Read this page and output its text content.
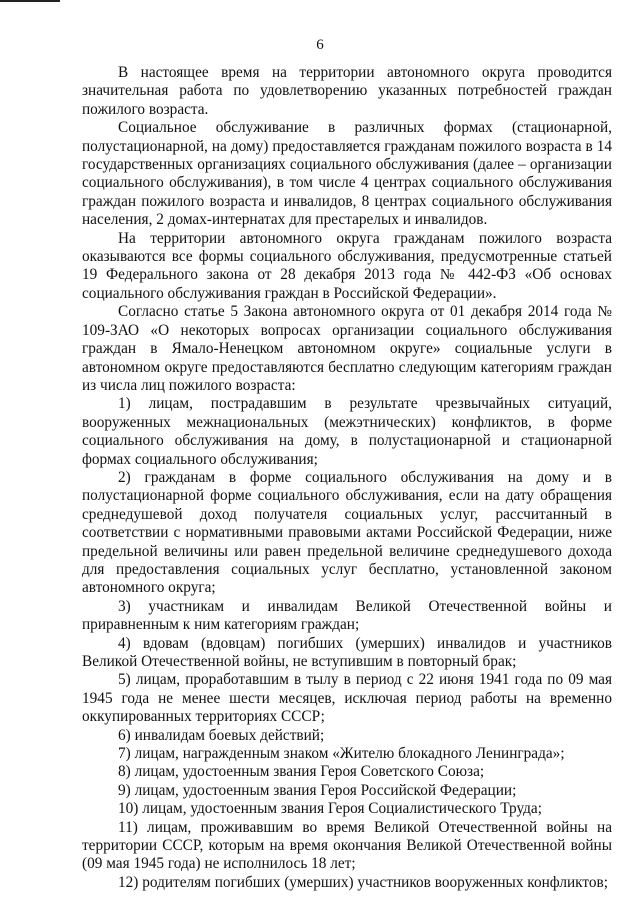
6

В настоящее время на территории автономного округа проводится значительная работа по удовлетворению указанных потребностей граждан пожилого возраста.

Социальное обслуживание в различных формах (стационарной, полустационарной, на дому) предоставляется гражданам пожилого возраста в 14 государственных организациях социального обслуживания (далее – организации социального обслуживания), в том числе 4 центрах социального обслуживания граждан пожилого возраста и инвалидов, 8 центрах социального обслуживания населения, 2 домах-интернатах для престарелых и инвалидов.

На территории автономного округа гражданам пожилого возраста оказываются все формы социального обслуживания, предусмотренные статьей 19 Федерального закона от 28 декабря 2013 года № 442-ФЗ «Об основах социального обслуживания граждан в Российской Федерации».

Согласно статье 5 Закона автономного округа от 01 декабря 2014 года № 109-ЗАО «О некоторых вопросах организации социального обслуживания граждан в Ямало-Ненецком автономном округе» социальные услуги в автономном округе предоставляются бесплатно следующим категориям граждан из числа лиц пожилого возраста:

1) лицам, пострадавшим в результате чрезвычайных ситуаций, вооруженных межнациональных (межэтнических) конфликтов, в форме социального обслуживания на дому, в полустационарной и стационарной формах социального обслуживания;

2) гражданам в форме социального обслуживания на дому и в полустационарной форме социального обслуживания, если на дату обращения среднедушевой доход получателя социальных услуг, рассчитанный в соответствии с нормативными правовыми актами Российской Федерации, ниже предельной величины или равен предельной величине среднедушевого дохода для предоставления социальных услуг бесплатно, установленной законом автономного округа;

3) участникам и инвалидам Великой Отечественной войны и приравненным к ним категориям граждан;

4) вдовам (вдовцам) погибших (умерших) инвалидов и участников Великой Отечественной войны, не вступившим в повторный брак;

5) лицам, проработавшим в тылу в период с 22 июня 1941 года по 09 мая 1945 года не менее шести месяцев, исключая период работы на временно оккупированных территориях СССР;

6) инвалидам боевых действий;

7) лицам, награжденным знаком «Жителю блокадного Ленинграда»;

8) лицам, удостоенным звания Героя Советского Союза;

9) лицам, удостоенным звания Героя Российской Федерации;

10) лицам, удостоенным звания Героя Социалистического Труда;

11) лицам, проживавшим во время Великой Отечественной войны на территории СССР, которым на время окончания Великой Отечественной войны (09 мая 1945 года) не исполнилось 18 лет;

12) родителям погибших (умерших) участников вооруженных конфликтов;
